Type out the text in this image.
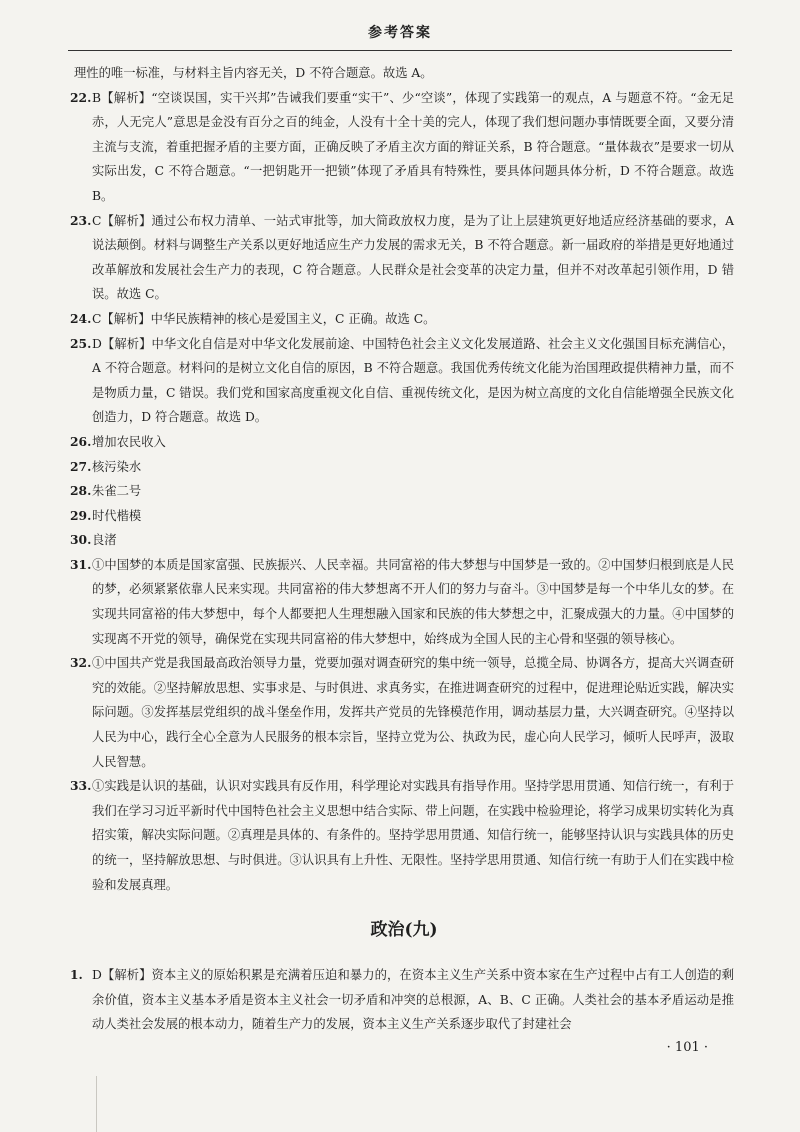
参考答案
理性的唯一标准，与材料主旨内容无关，D 不符合题意。故选 A。
22. B【解析】“空谈误国，实干兴邦”告诫我们要重“实干”、少“空谈”，体现了实践第一的观点，A 与题意不符。“金无足赤，人无完人”意思是金没有百分之百的纯金，人没有十全十美的完人，体现了我们想问题办事情既要全面，又要分清主流与支流，着重把握矛盾的主要方面，正确反映了矛盾主次方面的辩证关系，B 符合题意。“量体裁衣”是要求一切从实际出发，C 不符合题意。“一把钥匙开一把锁”体现了矛盾具有特殊性，要具体问题具体分析，D 不符合题意。故选 B。
23. C【解析】通过公布权力清单、一站式审批等，加大简政放权力度，是为了让上层建筑更好地适应经济基础的要求，A 说法颠倒。材料与调整生产关系以更好地适应生产力发展的需求无关，B 不符合题意。新一届政府的举措是更好地通过改革解放和发展社会生产力的表现，C 符合题意。人民群众是社会变革的决定力量，但并不对改革起引领作用，D 错误。故选 C。
24. C【解析】中华民族精神的核心是爱国主义，C 正确。故选 C。
25. D【解析】中华文化自信是对中华文化发展前途、中国特色社会主义文化发展道路、社会主义文化强国目标充满信心，A 不符合题意。材料问的是树立文化自信的原因，B 不符合题意。我国优秀传统文化能为治国理政提供精神力量，而不是物质力量，C 错误。我们党和国家高度重视文化自信、重视传统文化，是因为树立高度的文化自信能增强全民族文化创造力，D 符合题意。故选 D。
26. 增加农民收入
27. 核污染水
28. 朱雀二号
29. 时代楷模
30. 良渚
31. ①中国梦的本质是国家富强、民族振兴、人民幸福。共同富裕的伟大梦想与中国梦是一致的。②中国梦归根到底是人民的梦，必须紧紧依靠人民来实现。共同富裕的伟大梦想离不开人们的努力与奋斗。③中国梦是每一个中华儿女的梦。在实现共同富裕的伟大梦想中，每个人都要把人生理想融入国家和民族的伟大梦想之中，汇聚成强大的力量。④中国梦的实现离不开党的领导，确保党在实现共同富裕的伟大梦想中，始终成为全国人民的主心骨和坚强的领导核心。
32. ①中国共产党是我国最高政治领导力量，党要加强对调查研究的集中统一领导，总揽全局、协调各方，提高大兴调查研究的效能。②坚持解放思想、实事求是、与时俱进、求真务实，在推进调查研究的过程中，促进理论贴近实践，解决实际问题。③发挥基层党组织的战斗堡垒作用，发挥共产党员的先锋模范作用，调动基层力量，大兴调查研究。④坚持以人民为中心，践行全心全意为人民服务的根本宗旨，坚持立党为公、执政为民，虚心向人民学习，倾听人民呼声，汲取人民智慧。
33. ①实践是认识的基础，认识对实践具有反作用，科学理论对实践具有指导作用。坚持学思用贯通、知信行统一，有利于我们在学习习近平新时代中国特色社会主义思想中结合实际、带上问题，在实践中检验理论，将学习成果切实转化为真招实策，解决实际问题。②真理是具体的、有条件的。坚持学思用贯通、知信行统一，能够坚持认识与实践具体的历史的统一，坚持解放思想、与时俱进。③认识具有上升性、无限性。坚持学思用贯通、知信行统一有助于人们在实践中检验和发展真理。
政治(九)
1. D【解析】资本主义的原始积累是充满着压迫和暴力的，在资本主义生产关系中资本家在生产过程中占有工人创造的剩余价值，资本主义基本矛盾是资本主义社会一切矛盾和冲突的总根源，A、B、C 正确。人类社会的基本矛盾运动是推动人类社会发展的根本动力，随着生产力的发展，资本主义生产关系逐步取代了封建社会
· 101 ·
